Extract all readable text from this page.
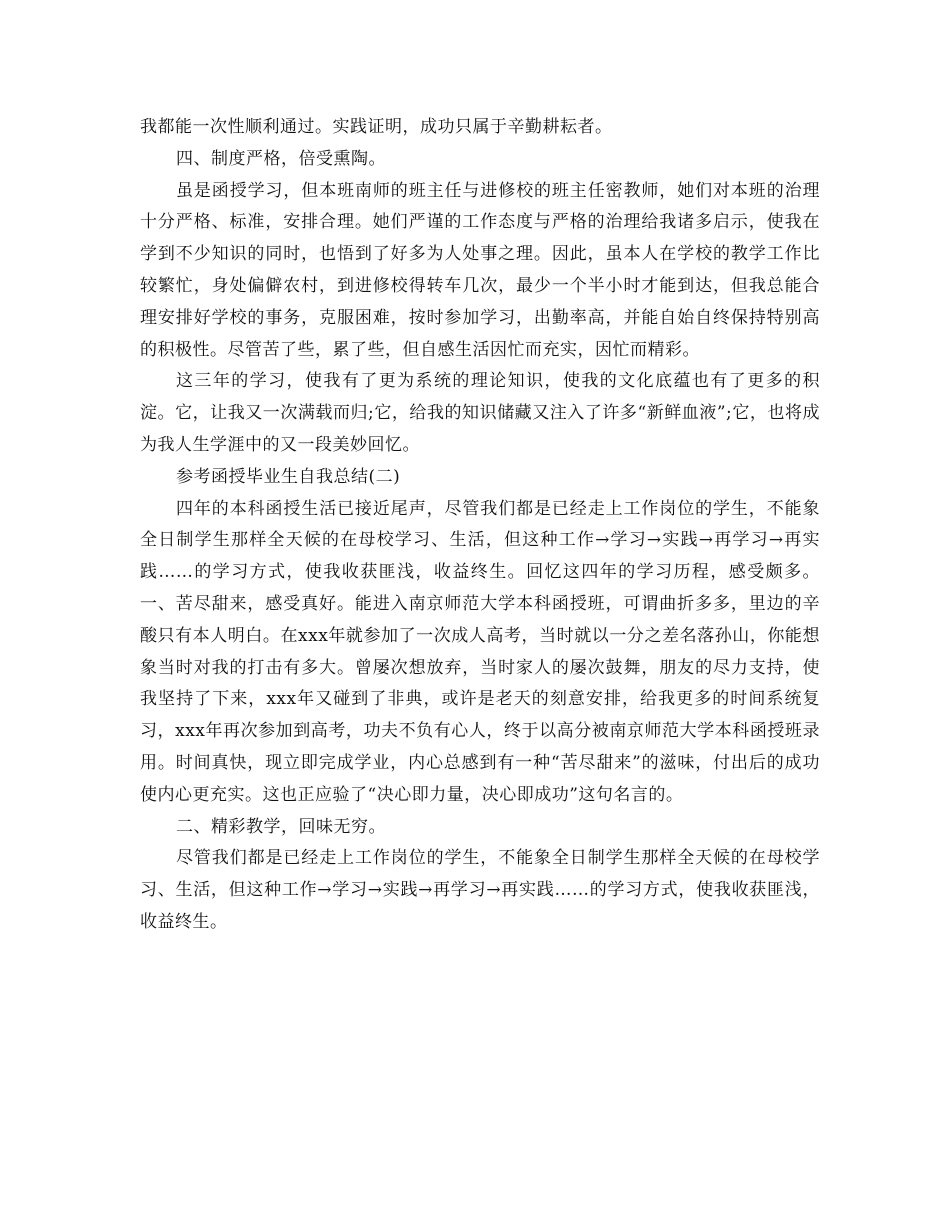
我都能一次性顺利通过。实践证明，成功只属于辛勤耕耘者。

四、制度严格，倍受熏陶。

虽是函授学习，但本班南师的班主任与进修校的班主任密教师，她们对本班的治理十分严格、标准，安排合理。她们严谨的工作态度与严格的治理给我诸多启示，使我在学到不少知识的同时，也悟到了好多为人处事之理。因此，虽本人在学校的教学工作比较繁忙，身处偏僻农村，到进修校得转车几次，最少一个半小时才能到达，但我总能合理安排好学校的事务，克服困难，按时参加学习，出勤率高，并能自始自终保持特别高的积极性。尽管苦了些，累了些，但自感生活因忙而充实，因忙而精彩。

这三年的学习，使我有了更为系统的理论知识，使我的文化底蕴也有了更多的积淀。它，让我又一次满载而归;它，给我的知识储藏又注入了许多“新鲜血液”;它，也将成为我人生学涯中的又一段美妙回忆。

参考函授毕业生自我总结(二)

四年的本科函授生活已接近尾声，尽管我们都是已经走上工作岗位的学生，不能象全日制学生那样全天候的在母校学习、生活，但这种工作→学习→实践→再学习→再实践……的学习方式，使我收获匪浅，收益终生。回忆这四年的学习历程，感受颇多。一、苦尽甜来，感受真好。能进入南京师范大学本科函授班，可谓曲折多多，里边的辛酸只有本人明白。在xxx年就参加了一次成人高考，当时就以一分之差名落孙山，你能想象当时对我的打击有多大。曾屡次想放弃，当时家人的屡次鼓舞，朋友的尽力支持，使我坚持了下来，xxx年又碰到了非典，或许是老天的刻意安排，给我更多的时间系统复习，xxx年再次参加到高考，功夫不负有心人，终于以高分被南京师范大学本科函授班录用。时间真快，现立即完成学业，内心总感到有一种“苦尽甜来”的滋味，付出后的成功使内心更充实。这也正应验了“决心即力量，决心即成功”这句名言的。

二、精彩教学，回味无穷。

尽管我们都是已经走上工作岗位的学生，不能象全日制学生那样全天候的在母校学习、生活，但这种工作→学习→实践→再学习→再实践……的学习方式，使我收获匪浅，收益终生。
